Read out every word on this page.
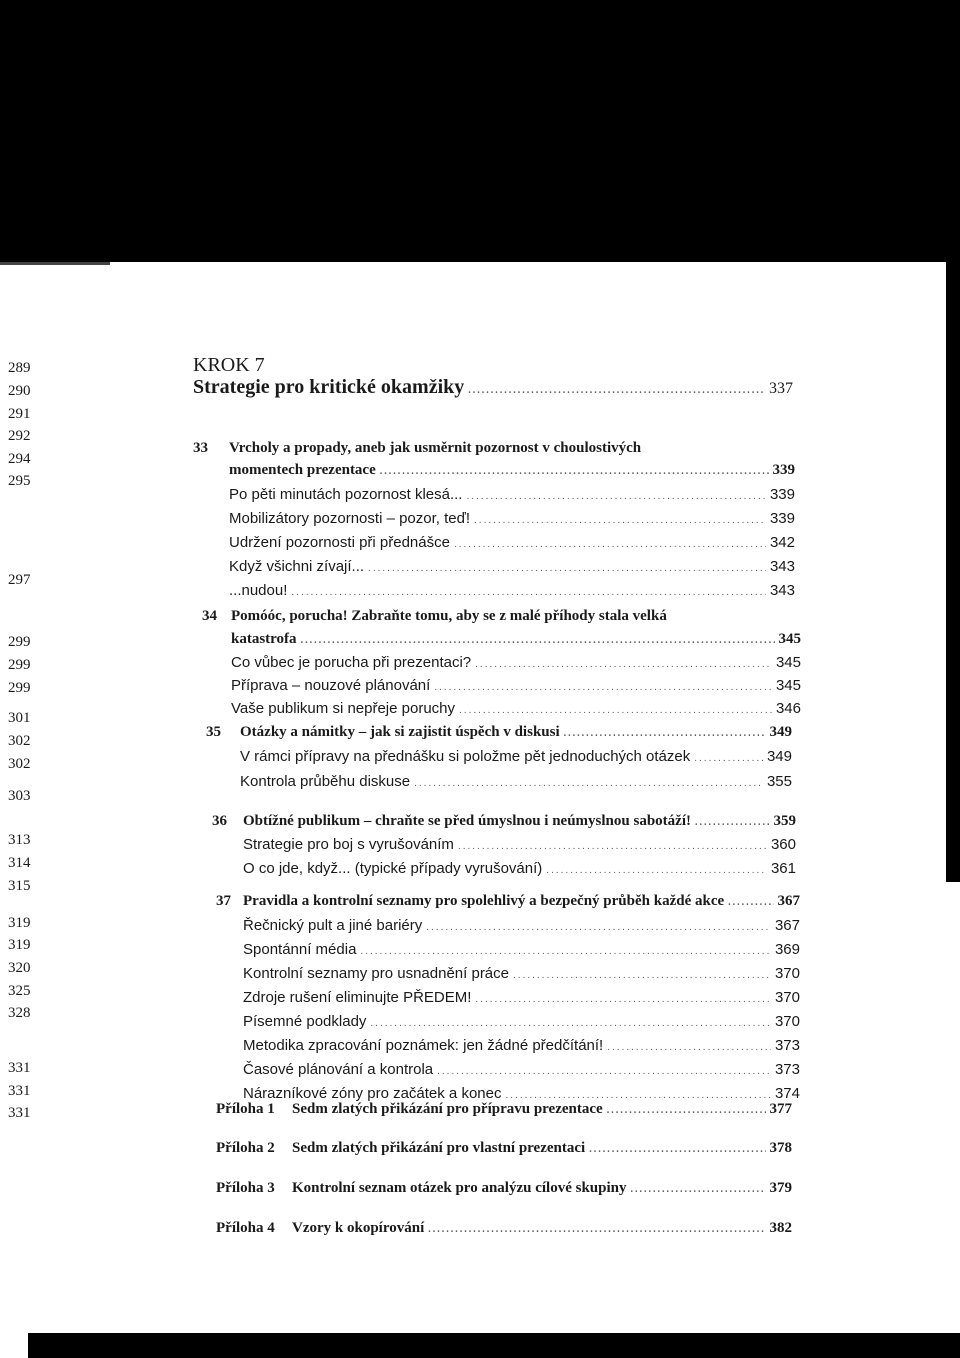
289
290
291
292
294
295
297
299
299
299
301
302
302
303
313
314
315
319
319
320
325
328
331
331
331
KROK 7
Strategie pro kritické okamžiky .....	337
33 Vrcholy a propady, aneb jak usměrnit pozornost v choulostivých
momentech prezentace .....	339
Po pěti minutách pozornost klesá... .....	339
Mobilizátory pozornosti – pozor, teď! .....	339
Udržení pozornosti při přednášce .....	342
Když všichni zívají... .....	343
...nudou! .....	343
34 Pomóóc, porucha! Zabraňte tomu, aby se z malé příhody stala velká
katastrofa .....	345
Co vůbec je porucha při prezentaci? .....	345
Příprava – nouzové plánování .....	345
Vaše publikum si nepřeje poruchy .....	346
35 Otázky a námitky – jak si zajistit úspěch v diskusi .....	349
V rámci přípravy na přednášku si položme pět jednoduchých otázek .....	349
Kontrola průběhu diskuse .....	355
36 Obtížné publikum – chraňte se před úmyslnou i neúmyslnou sabotáží! .....	359
Strategie pro boj s vyrušováním .....	360
O co jde, když... (typické případy vyrušování) .....	361
37 Pravidla a kontrolní seznamy pro spolehlivý a bezpečný průběh každé akce .....	367
Řečnický pult a jiné bariéry .....	367
Spontánní média .....	369
Kontrolní seznamy pro usnadnění práce .....	370
Zdroje rušení eliminujte PŘEDEM! .....	370
Písemné podklady .....	370
Metodika zpracování poznámek: jen žádné předčítání! .....	373
Časové plánování a kontrola .....	373
Nárazníkové zóny pro začátek a konec .....	374
Příloha 1 Sedm zlatých přikázání pro přípravu prezentace .....	377
Příloha 2 Sedm zlatých přikázání pro vlastní prezentaci .....	378
Příloha 3 Kontrolní seznam otázek pro analýzu cílové skupiny .....	379
Příloha 4 Vzory k okopírování .....	382
